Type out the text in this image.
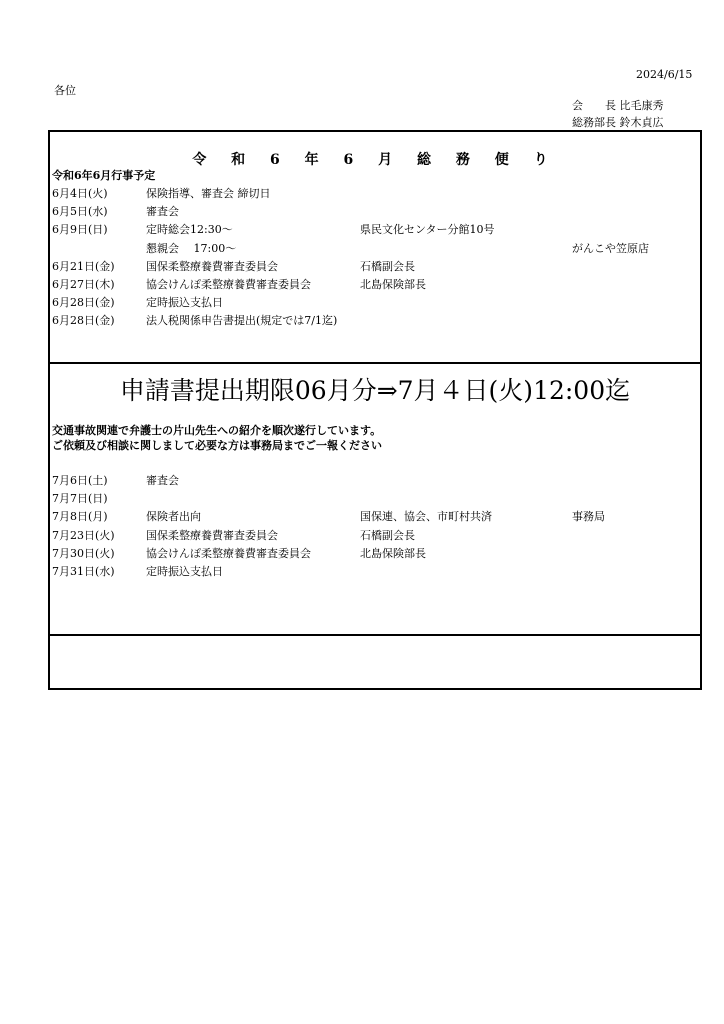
2024/6/15
各位
会　　長 比毛康秀
総務部長 鈴木貞広
令 和 6 年 6 月 総 務 便 り
令和6年6月行事予定
6月4日(火)	保険指導、審査会 締切日
6月5日(水)	審査会
6月9日(日)	定時総会12:30～	県民文化センター分館10号
懇親会　 17:00～	がんこや笠原店
6月21日(金)	国保柔整療養費審査委員会	石橋副会長
6月27日(木)	協会けんぽ柔整療養費審査委員会	北島保険部長
6月28日(金)	定時振込支払日
6月28日(金)	法人税関係申告書提出(規定では7/1迄)
申請書提出期限06月分⇒7月４日(火)12:00迄
交通事故関連で弁護士の片山先生への紹介を順次遂行しています。
ご依頼及び相談に関しまして必要な方は事務局までご一報ください
7月6日(土)	審査会
7月7日(日)
7月8日(月)	保険者出向	国保連、協会、市町村共済	事務局
7月23日(火)	国保柔整療養費審査委員会	石橋副会長
7月30日(火)	協会けんぽ柔整療養費審査委員会	北島保険部長
7月31日(水)	定時振込支払日
